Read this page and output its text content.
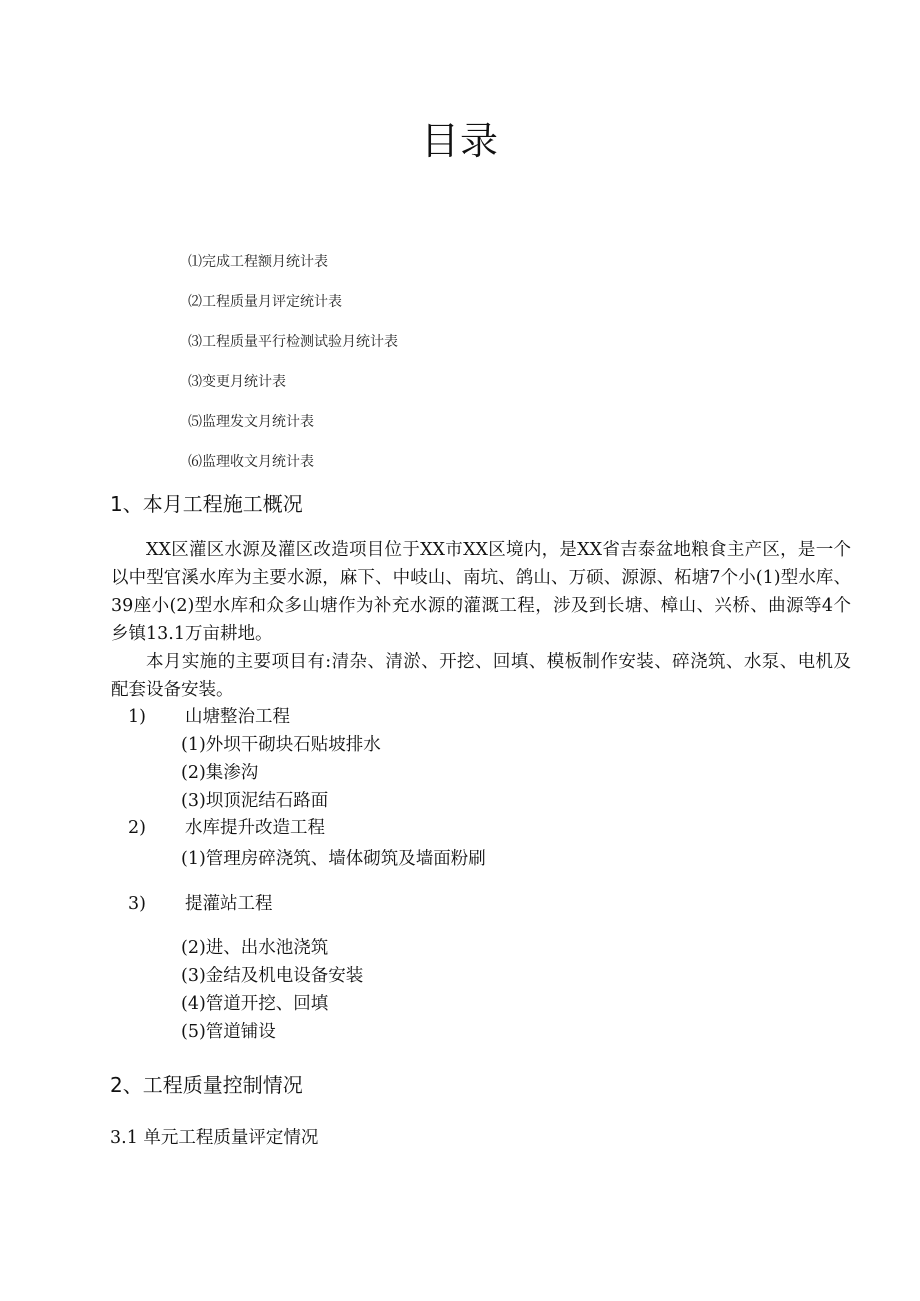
目录
⑴完成工程额月统计表
⑵工程质量月评定统计表
⑶工程质量平行检测试验月统计表
⑶变更月统计表
⑸监理发文月统计表
⑹监理收文月统计表
1、本月工程施工概况
XX区灌区水源及灌区改造项目位于XX市XX区境内，是XX省吉泰盆地粮食主产区，是一个以中型官溪水库为主要水源，麻下、中岐山、南坑、鸽山、万硕、源源、柘塘7个小(1)型水库、39座小(2)型水库和众多山塘作为补充水源的灌溉工程，涉及到长塘、樟山、兴桥、曲源等4个乡镇13.1万亩耕地。
本月实施的主要项目有:清杂、清淤、开挖、回填、模板制作安装、碎浇筑、水泵、电机及配套设备安装。
1) 山塘整治工程
(1)外坝干砌块石贴坡排水
(2)集渗沟
(3)坝顶泥结石路面
2) 水库提升改造工程
(1)管理房碎浇筑、墙体砌筑及墙面粉刷
3) 提灌站工程
(2)进、出水池浇筑
(3)金结及机电设备安装
(4)管道开挖、回填
(5)管道铺设
2、工程质量控制情况
3.1 单元工程质量评定情况
